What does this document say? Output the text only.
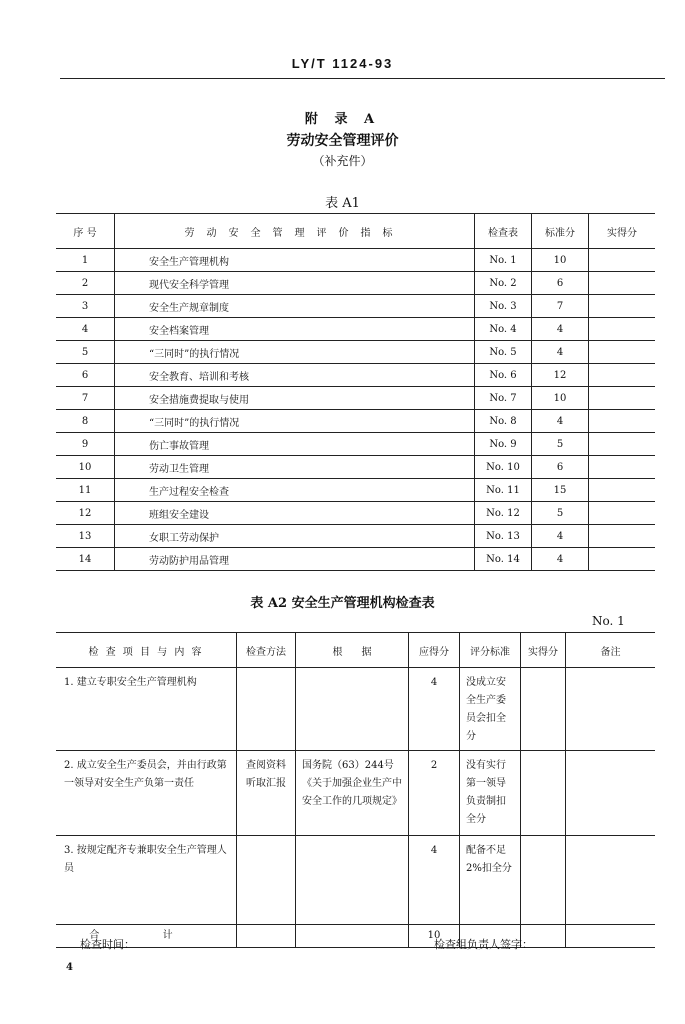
LY/T 1124-93
附 录 A
劳动安全管理评价
（补充件）
表 A1
序 号	劳动安全管理评价指标	检查表	标准分	实得分
1	安全生产管理机构	No. 1	10	
2	现代安全科学管理	No. 2	6	
3	安全生产规章制度	No. 3	7	
4	安全档案管理	No. 4	4	
5	“三同时”的执行情况	No. 5	4	
6	安全教育、培训和考核	No. 6	12	
7	安全措施费提取与使用	No. 7	10	
8	“三同时”的执行情况	No. 8	4	
9	伤亡事故管理	No. 9	5	
10	劳动卫生管理	No. 10	6	
11	生产过程安全检查	No. 11	15	
12	班组安全建设	No. 12	5	
13	女职工劳动保护	No. 13	4	
14	劳动防护用品管理	No. 14	4	
表 A2 安全生产管理机构检查表
No. 1
检 查 项 目 与 内 容	检查方法	根      据	应得分	评分标准	实得分	备注
1. 建立专职安全生产管理机构			4	没成立安全生产委员会扣全分		

2. 成立安全生产委员会，并由行政第一领导对安全生产负第一责任	查阅资料听取汇报	国务院（63）244号《关于加强企业生产中安全工作的几项规定》	2	没有实行第一领导负责制扣全分		

3. 按规定配齐专兼职安全生产管理人员			4	配备不足2%扣全分		

合 计			10			
检查时间：	检查组负责人签字：
4
